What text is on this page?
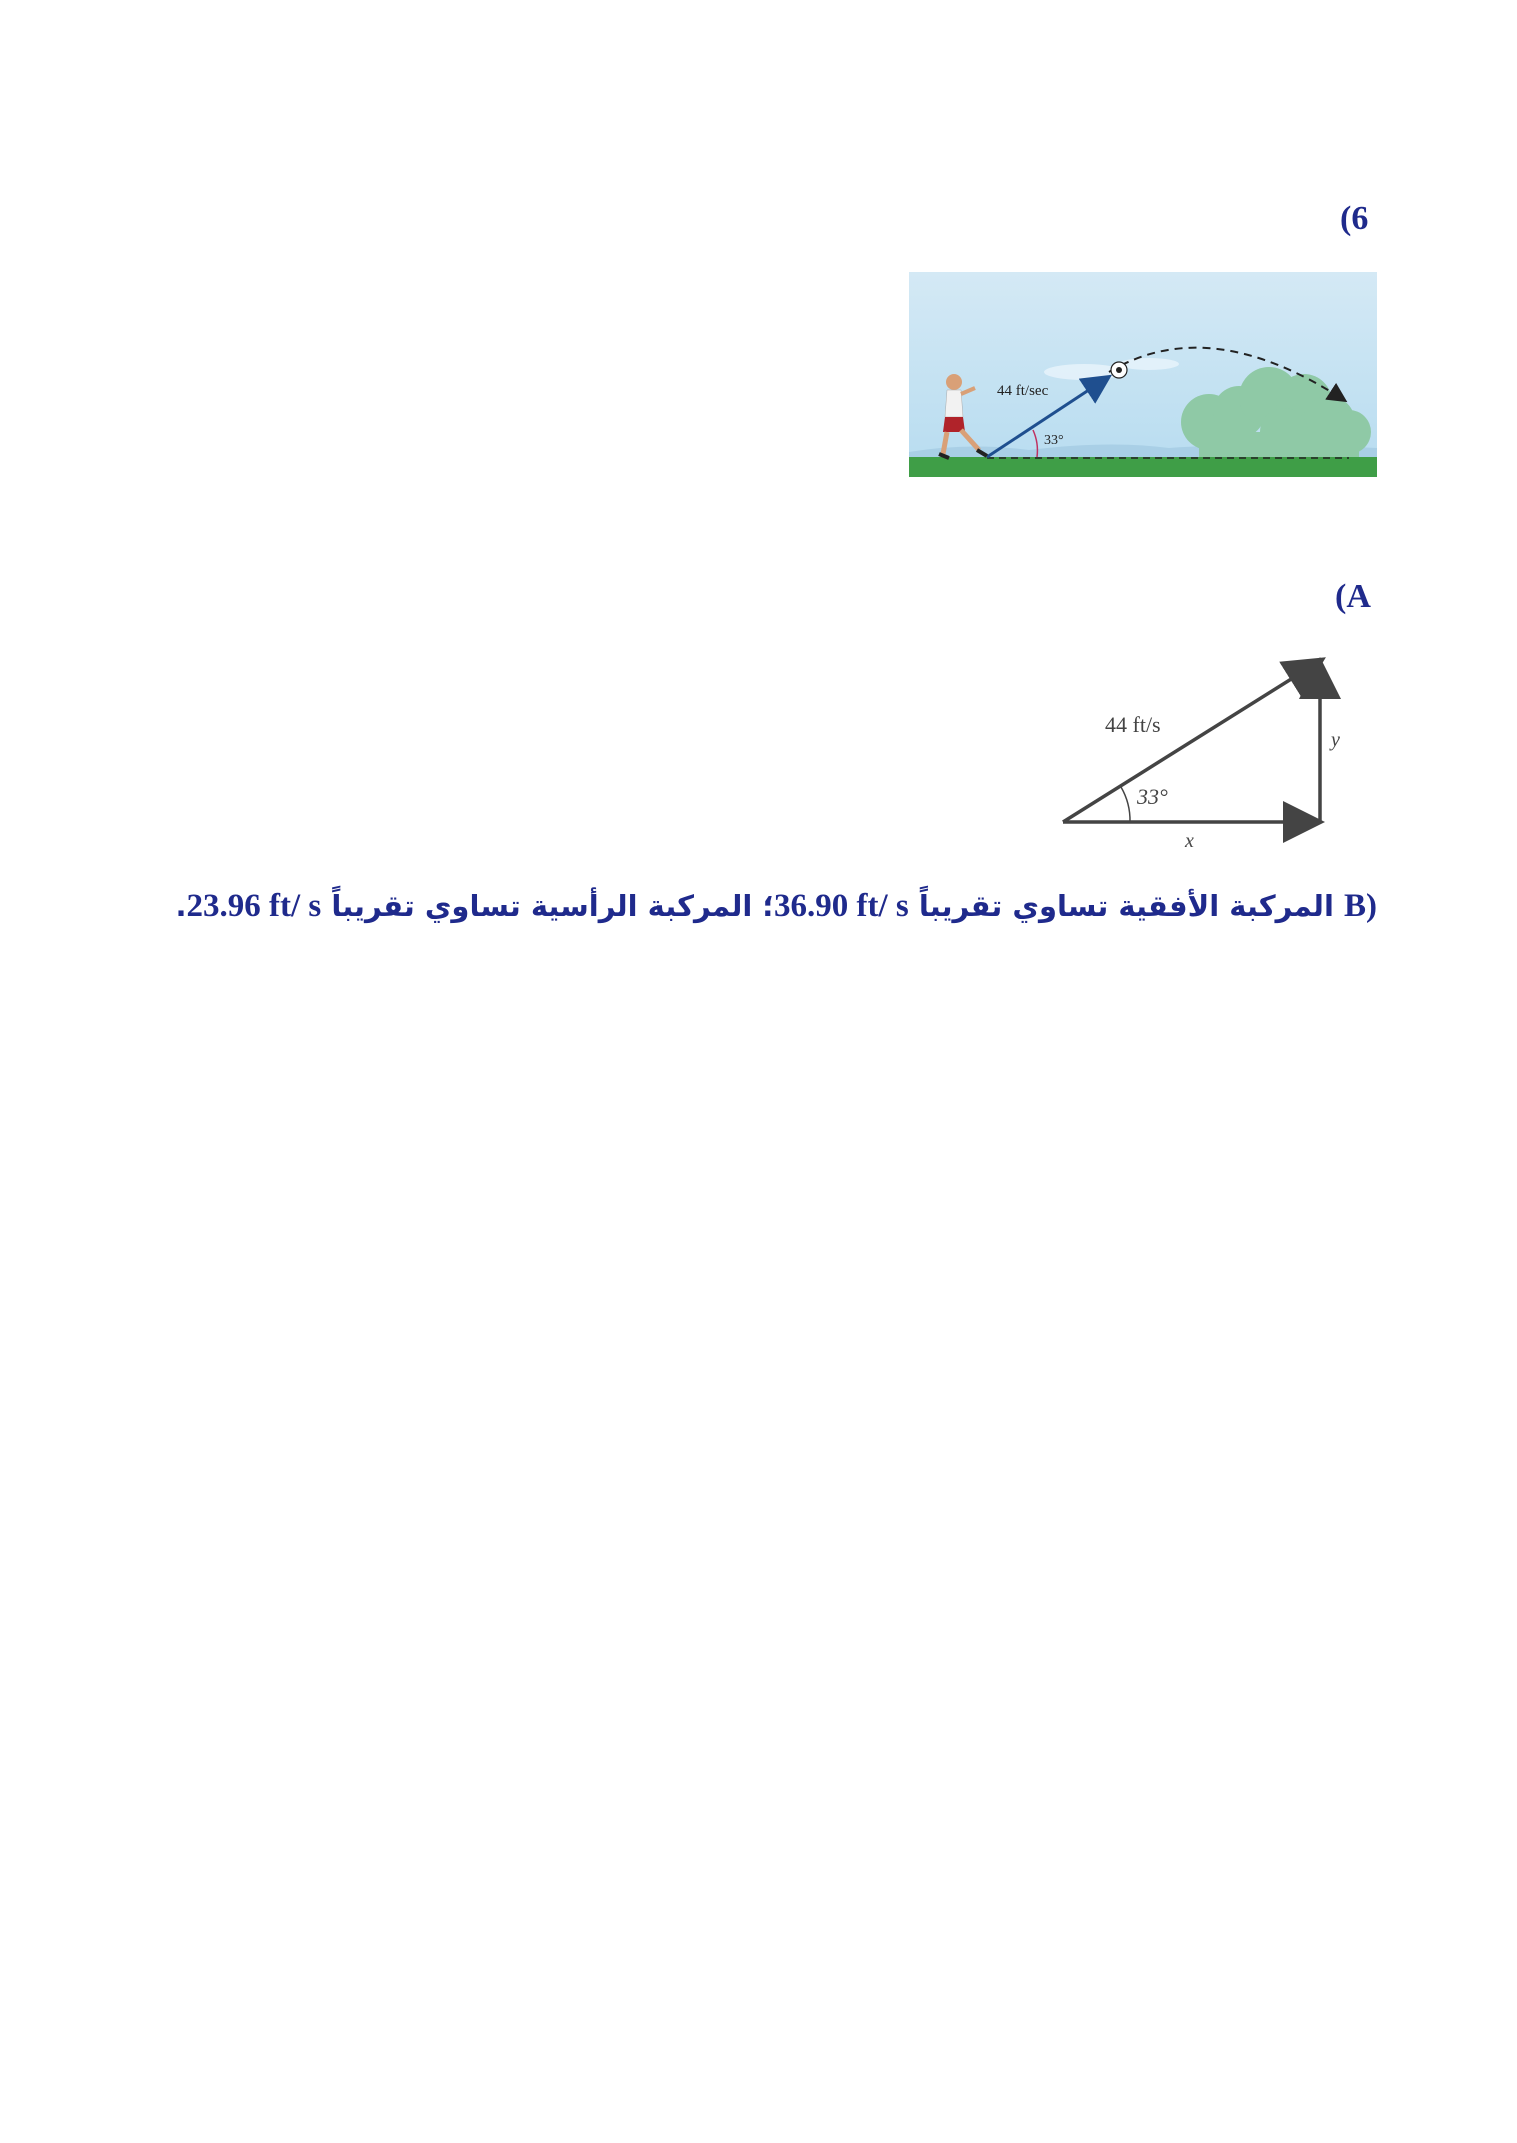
(6
44 ft/sec
33°
(A
44 ft/s
33°
y
x
B) المركبة الأفقية تساوي تقريباً 36.90 ft/ s؛ المركبة الرأسية تساوي تقريباً 23.96 ft/ s.
